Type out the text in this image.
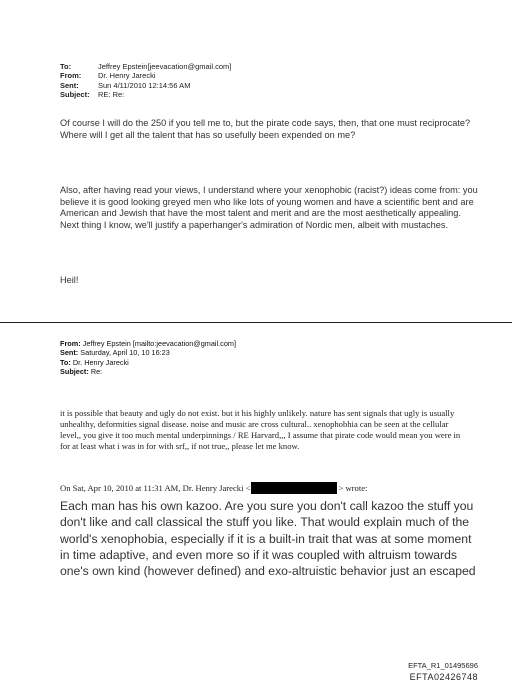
To:	Jeffrey Epstein[jeevacation@gmail.com]
From:	Dr. Henry Jarecki
Sent:	Sun 4/11/2010 12:14:56 AM
Subject:	RE: Re:

Of course I will do the 250 if you tell me to, but the pirate code says, then, that one must reciprocate? Where will I get all the talent that has so usefully been expended on me?

Also, after having read your views, I understand where your xenophobic (racist?) ideas come from: you believe it is good looking greyed men who like lots of young women and have a scientific bent and are American and Jewish that have the most talent and merit and are the most aesthetically appealing. Next thing I know, we'll justify a paperhanger's admiration of Nordic men, albeit with mustaches.

Heil!

From: Jeffrey Epstein [mailto:jeevacation@gmail.com]
Sent: Saturday, April 10, 10 16:23
To: Dr. Henry Jarecki
Subject: Re:

it is possible that beauty and ugly do not exist. but it his highly unlikely. nature has sent signals that ugly is usually unhealthy, deformities signal disease. noise and music are cross cultural.. xenophobhia can be seen at the cellular level,, you give it too much mental underpinnings / RE Harvard,,, I assume that pirate code would mean you were in for at least what i was in for with srf,, if not true,, please let me know.

On Sat, Apr 10, 2010 at 11:31 AM, Dr. Henry Jarecki <	> wrote:

Each man has his own kazoo. Are you sure you don't call kazoo the stuff you don't like and call classical the stuff you like. That would explain much of the world's xenophobia, especially if it is a built-in trait that was at some moment in time adaptive, and even more so if it was coupled with altruism towards one's own kind (however defined) and exo-altruistic behavior just an escaped

EFTA_R1_01495696
EFTA02426748
